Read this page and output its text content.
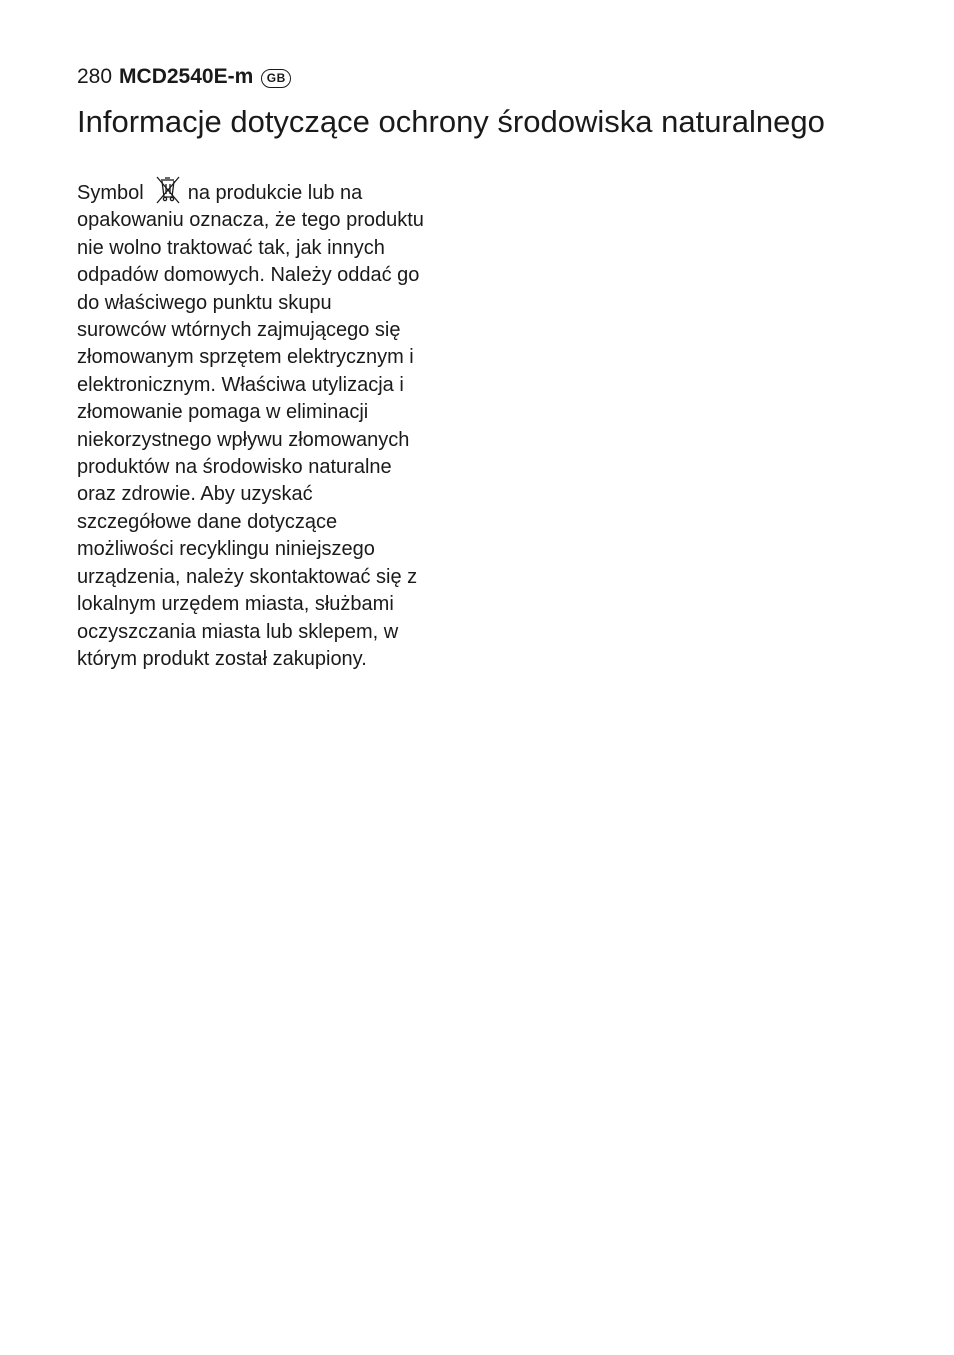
280 MCD2540E-m	GB
Informacje dotyczące ochrony środowiska naturalnego
Symbol na produkcie lub na
opakowaniu oznacza, że tego produktu
nie wolno traktować tak, jak innych
odpadów domowych. Należy oddać go
do właściwego punktu skupu
surowców wtórnych zajmującego się
złomowanym sprzętem elektrycznym i
elektronicznym. Właściwa utylizacja i
złomowanie pomaga w eliminacji
niekorzystnego wpływu złomowanych
produktów na środowisko naturalne
oraz zdrowie. Aby uzyskać
szczegółowe dane dotyczące
możliwości recyklingu niniejszego
urządzenia, należy skontaktować się z
lokalnym urzędem miasta, służbami
oczyszczania miasta lub sklepem, w
którym produkt został zakupiony.
